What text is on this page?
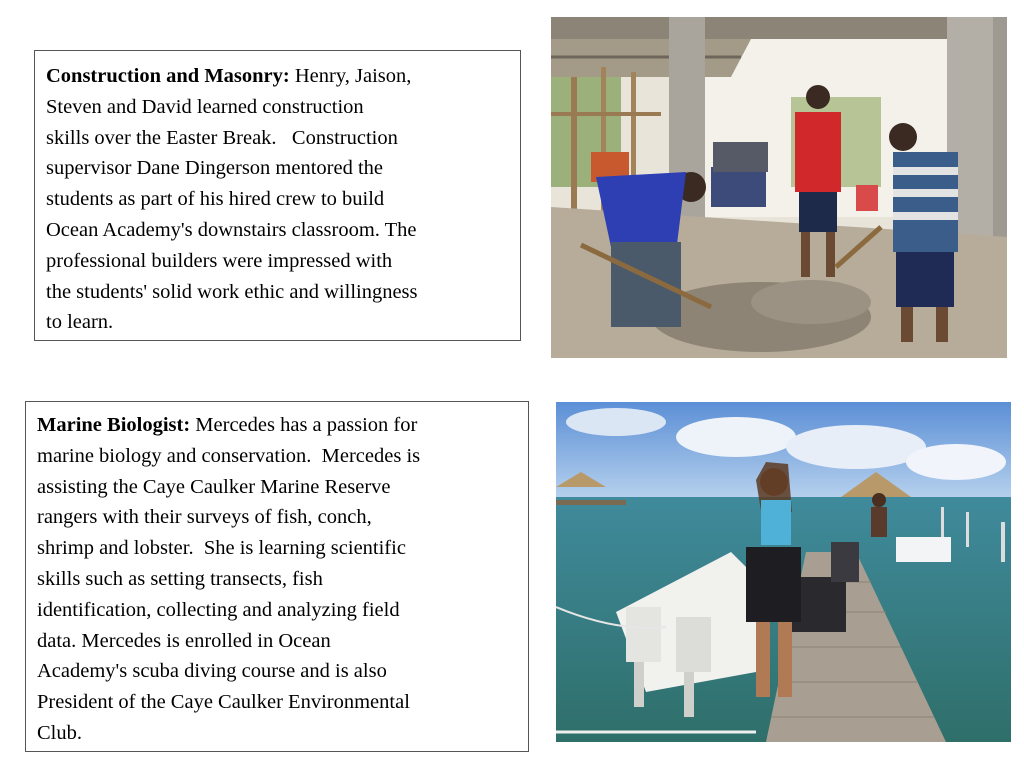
Construction and Masonry: Henry, Jaison,
Steven and David learned construction
skills over the Easter Break.   Construction
supervisor Dane Dingerson mentored the
students as part of his hired crew to build
Ocean Academy's downstairs classroom. The
professional builders were impressed with
the students' solid work ethic and willingness
to learn.
Marine Biologist: Mercedes has a passion for
marine biology and conservation.  Mercedes is
assisting the Caye Caulker Marine Reserve
rangers with their surveys of fish, conch,
shrimp and lobster.  She is learning scientific
skills such as setting transects, fish
identification, collecting and analyzing field
data. Mercedes is enrolled in Ocean
Academy's scuba diving course and is also
President of the Caye Caulker Environmental
Club.
